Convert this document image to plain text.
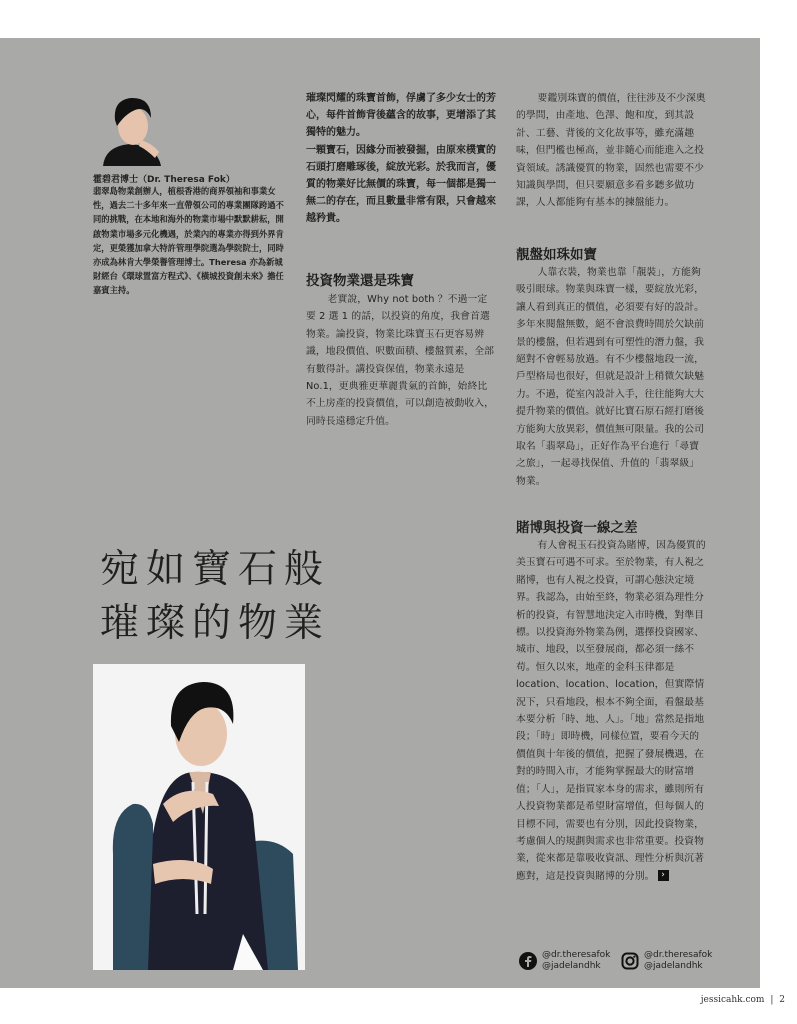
霍碧君博士（Dr. Theresa Fok）
翡翠島物業創辦人，植根香港的商界領袖和事業女性，過去二十多年來一直帶領公司的專業團隊跨過不同的挑戰，在本地和海外的物業市場中默默耕耘，開啟物業市場多元化機遇，於業內的專業亦得到外界肯定，更榮獲加拿大特許管理學院選為學院院士，同時亦成為林肯大學榮譽管理博士。Theresa 亦為新城財經台《環球置富方程式》、《橫城投資創未來》擔任嘉賓主持。

璀璨閃耀的珠寶首飾，俘虜了多少女士的芳心，每件首飾背後蘊含的故事，更增添了其獨特的魅力。

一顆寶石，因緣分而被發掘，由原來樸實的石頭打磨雕琢後，綻放光彩。於我而言，優質的物業好比無價的珠寶，每一個都是獨一無二的存在，而且數量非常有限，只會越來越矜貴。

投資物業還是珠寶

老實說，Why not both ？不過一定要 2 選 1 的話，以投資的角度，我會首選物業。論投資，物業比珠寶玉石更容易辨識，地段價值、呎數面積、樓盤質素，全部有數得計。講投資保值，物業永遠是 No.1，更典雅更華麗貴氣的首飾，始終比不上房產的投資價值，可以創造被動收入，同時長遠穩定升值。

要鑑別珠寶的價值，往往涉及不少深奧的學問，由產地、色澤、飽和度，到其設計、工藝、背後的文化故事等，雖充滿趣味，但門檻也極高，並非隨心而能進入之投資領域。誘識優質的物業，固然也需要不少知識與學問，但只要願意多看多聽多做功課，人人都能夠有基本的揀盤能力。

靚盤如珠如寶

人靠衣裝，物業也靠「靚裝」，方能夠吸引眼球。物業與珠寶一樣，要綻放光彩，讓人看到真正的價值，必須要有好的設計。多年來閱盤無數，絕不會浪費時間於欠缺前景的樓盤，但若遇到有可塑性的潛力盤，我絕對不會輕易放過。有不少樓盤地段一流，戶型格局也很好，但就是設計上稍微欠缺魅力。不過，從室內設計入手，往往能夠大大提升物業的價值。就好比寶石原石經打磨後方能夠大放異彩，價值無可限量。我的公司取名「翡翠島」，正好作為平台進行「尋寶之旅」，一起尋找保值、升值的「翡翠級」物業。

賭博與投資一線之差

有人會視玉石投資為賭博，因為優質的美玉寶石可遇不可求。至於物業，有人視之賭博，也有人視之投資，可謂心態決定境界。我認為，由始至終，物業必須為理性分析的投資，有智慧地決定入市時機，對準目標。以投資海外物業為例，選擇投資國家、城市、地段，以至發展商，都必須一絲不苟。恒久以來，地產的金科玉律都是 location、location、location，但實際情況下，只看地段，根本不夠全面，看盤最基本要分析「時、地、人」。「地」當然是指地段；「時」即時機，同樣位置，要看今天的價值與十年後的價值，把握了發展機遇，在對的時間入市，才能夠掌握最大的財富增值；「人」，是指買家本身的需求，雖則所有人投資物業都是希望財富增值，但每個人的目標不同，需要也有分別，因此投資物業，考慮個人的規劃與需求也非常重要。投資物業，從來都是靠吸收資訊、理性分析與沉著應對，這是投資與賭博的分別。 ›

宛如寶石般
璀璨的物業
@dr.theresafok
@jadelandhk
@dr.theresafok
@jadelandhk
jessicahk.com | 2
